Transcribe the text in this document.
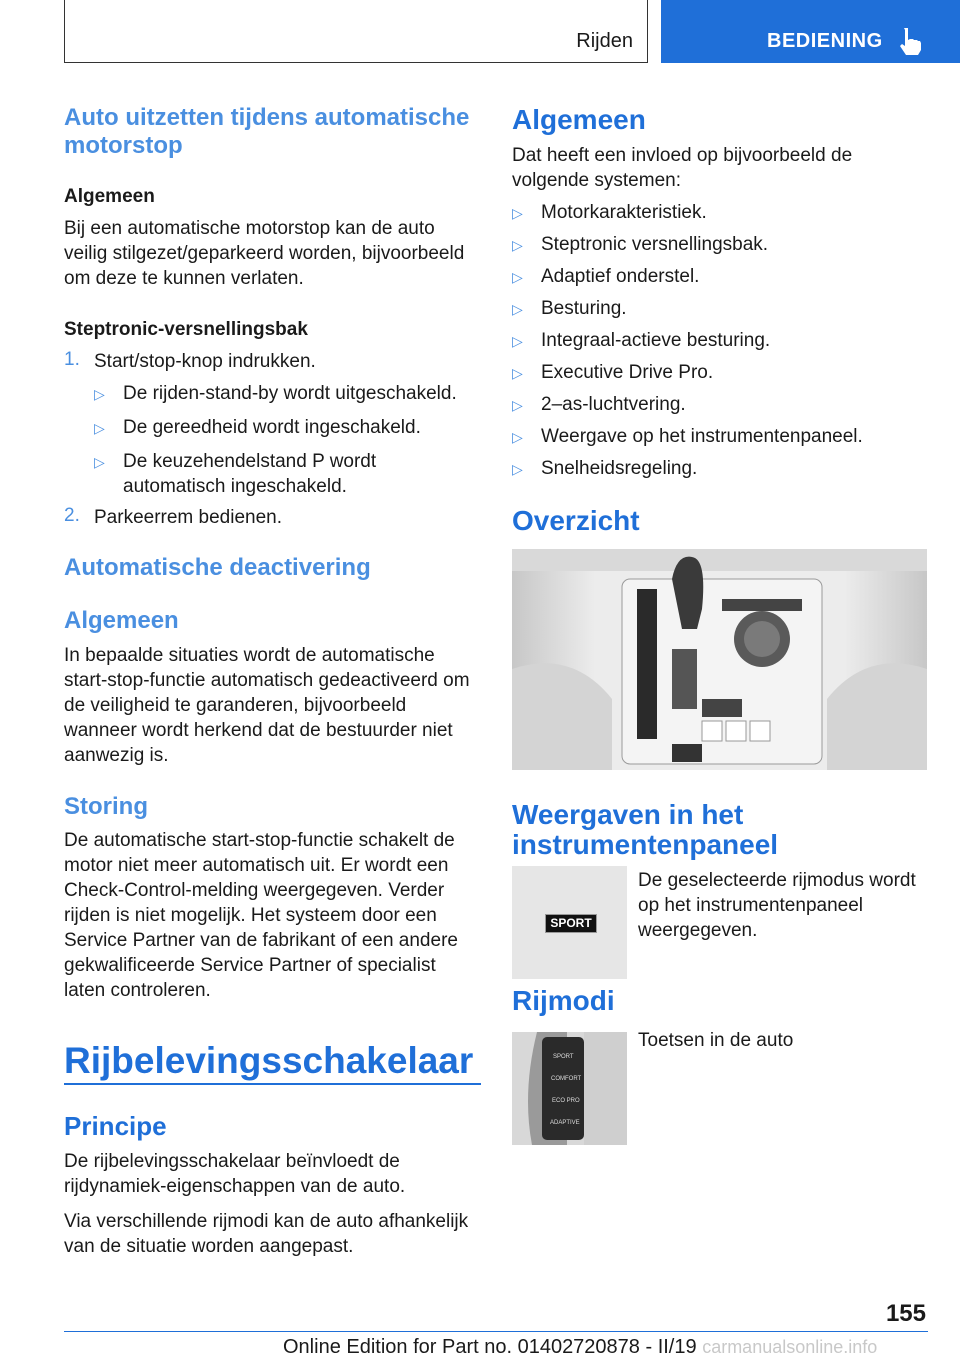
Rijden	BEDIENING
Auto uitzetten tijdens automatische motorstop
Algemeen

Bij een automatische motorstop kan de auto veilig stilgezet/geparkeerd worden, bijvoorbeeld om deze te kunnen verlaten.

Steptronic-versnellingsbak
1. Start/stop-knop indrukken.
▷ De rijden-stand-by wordt uitgeschakeld.
▷ De gereedheid wordt ingeschakeld.
▷ De keuzehendelstand P wordt automatisch ingeschakeld.
2. Parkeerrem bedienen.
Automatische deactivering
Algemeen

In bepaalde situaties wordt de automatische start-stop-functie automatisch gedeactiveerd om de veiligheid te garanderen, bijvoorbeeld wanneer wordt herkend dat de bestuurder niet aanwezig is.

Storing

De automatische start-stop-functie schakelt de motor niet meer automatisch uit. Er wordt een Check-Control-melding weergegeven. Verder rijden is niet mogelijk. Het systeem door een Service Partner van de fabrikant of een andere gekwalificeerde Service Partner of specialist laten controleren.

Rijbelevingsschakelaar
Principe

De rijbelevingsschakelaar beïnvloedt de rijdynamiek-eigenschappen van de auto.

Via verschillende rijmodi kan de auto afhankelijk van de situatie worden aangepast.

Algemeen

Dat heeft een invloed op bijvoorbeeld de volgende systemen:

▷ Motorkarakteristiek.
▷ Steptronic versnellingsbak.
▷ Adaptief onderstel.
▷ Besturing.
▷ Integraal-actieve besturing.
▷ Executive Drive Pro.
▷ 2–as-luchtvering.
▷ Weergave op het instrumentenpaneel.
▷ Snelheidsregeling.
Overzicht
Weergaven in het instrumentenpaneel
SPORT

De geselecteerde rijmodus wordt op het instrumentenpaneel weergegeven.

Rijmodi
SPORT
COMFORT
ECO PRO
ADAPTIVE

Toetsen in de auto

155
Online Edition for Part no. 01402720878 - II/19 carmanualsonline.info
